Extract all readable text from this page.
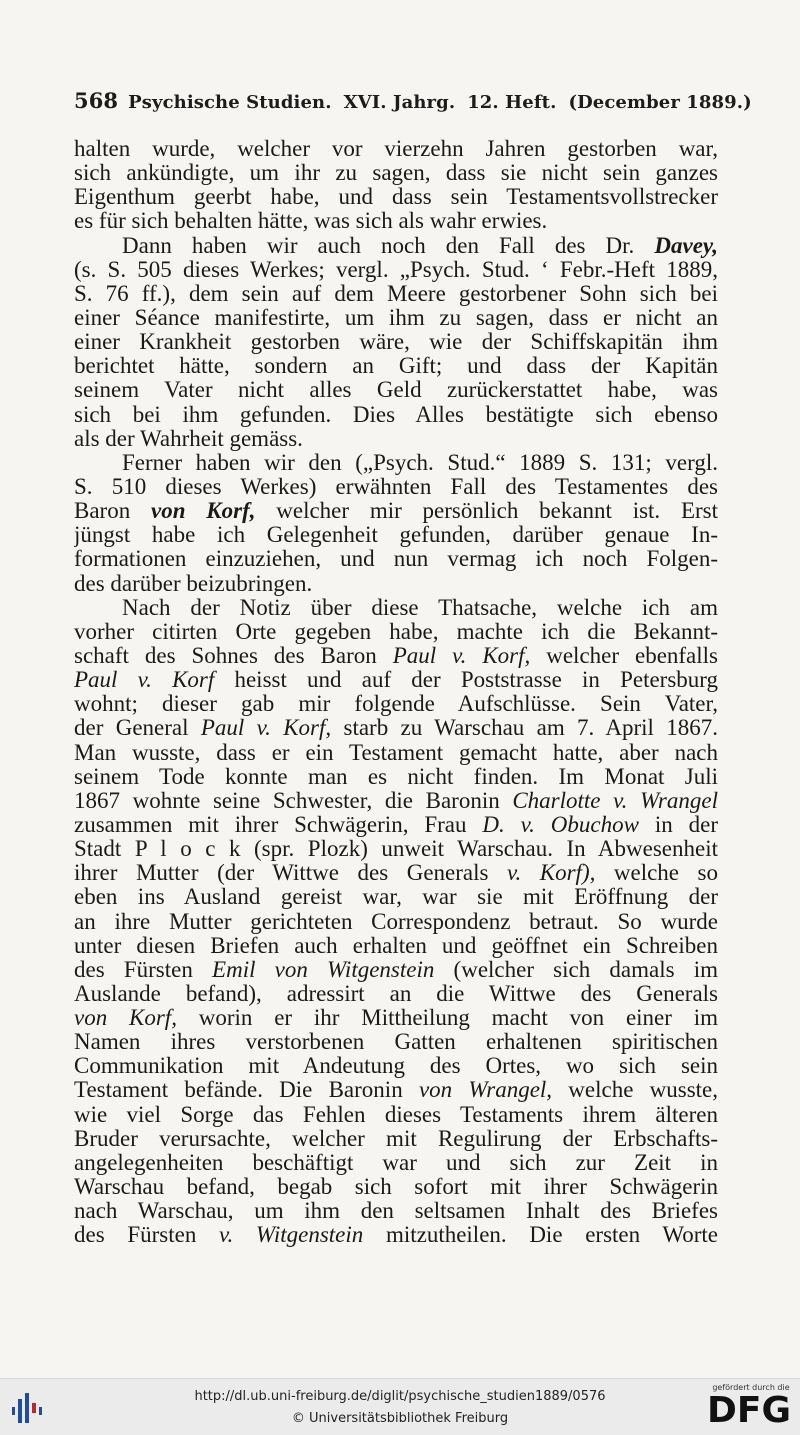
568 Psychische Studien. XVI. Jahrg. 12. Heft. (December 1889.)
halten wurde, welcher vor vierzehn Jahren gestorben war,
sich ankündigte, um ihr zu sagen, dass sie nicht sein ganzes
Eigenthum geerbt habe, und dass sein Testamentsvollstrecker
es für sich behalten hätte, was sich als wahr erwies.
Dann haben wir auch noch den Fall des Dr. Davey,
(s. S. 505 dieses Werkes; vergl. „Psych. Stud. ‘ Febr.-Heft 1889,
S. 76 ff.), dem sein auf dem Meere gestorbener Sohn sich bei
einer Séance manifestirte, um ihm zu sagen, dass er nicht an
einer Krankheit gestorben wäre, wie der Schiffskapitän ihm
berichtet hätte, sondern an Gift; und dass der Kapitän
seinem Vater nicht alles Geld zurückerstattet habe, was
sich bei ihm gefunden. Dies Alles bestätigte sich ebenso
als der Wahrheit gemäss.
Ferner haben wir den („Psych. Stud.“ 1889 S. 131; vergl.
S. 510 dieses Werkes) erwähnten Fall des Testamentes des
Baron von Korf, welcher mir persönlich bekannt ist. Erst
jüngst habe ich Gelegenheit gefunden, darüber genaue In-
formationen einzuziehen, und nun vermag ich noch Folgen-
des darüber beizubringen.
Nach der Notiz über diese Thatsache, welche ich am
vorher citirten Orte gegeben habe, machte ich die Bekannt-
schaft des Sohnes des Baron Paul v. Korf, welcher ebenfalls
Paul v. Korf heisst und auf der Poststrasse in Petersburg
wohnt; dieser gab mir folgende Aufschlüsse. Sein Vater,
der General Paul v. Korf, starb zu Warschau am 7. April 1867.
Man wusste, dass er ein Testament gemacht hatte, aber nach
seinem Tode konnte man es nicht finden. Im Monat Juli
1867 wohnte seine Schwester, die Baronin Charlotte v. Wrangel
zusammen mit ihrer Schwägerin, Frau D. v. Obuchow in der
Stadt P l o c k (spr. Plozk) unweit Warschau. In Abwesenheit
ihrer Mutter (der Wittwe des Generals v. Korf), welche so
eben ins Ausland gereist war, war sie mit Eröffnung der
an ihre Mutter gerichteten Correspondenz betraut. So wurde
unter diesen Briefen auch erhalten und geöffnet ein Schreiben
des Fürsten Emil von Witgenstein (welcher sich damals im
Auslande befand), adressirt an die Wittwe des Generals
von Korf, worin er ihr Mittheilung macht von einer im
Namen ihres verstorbenen Gatten erhaltenen spiritischen
Communikation mit Andeutung des Ortes, wo sich sein
Testament befände. Die Baronin von Wrangel, welche wusste,
wie viel Sorge das Fehlen dieses Testaments ihrem älteren
Bruder verursachte, welcher mit Regulirung der Erbschafts-
angelegenheiten beschäftigt war und sich zur Zeit in
Warschau befand, begab sich sofort mit ihrer Schwägerin
nach Warschau, um ihm den seltsamen Inhalt des Briefes
des Fürsten v. Witgenstein mitzutheilen. Die ersten Worte
http://dl.ub.uni-freiburg.de/diglit/psychische_studien1889/0576
© Universitätsbibliothek Freiburg
gefördert durch die
DFG
